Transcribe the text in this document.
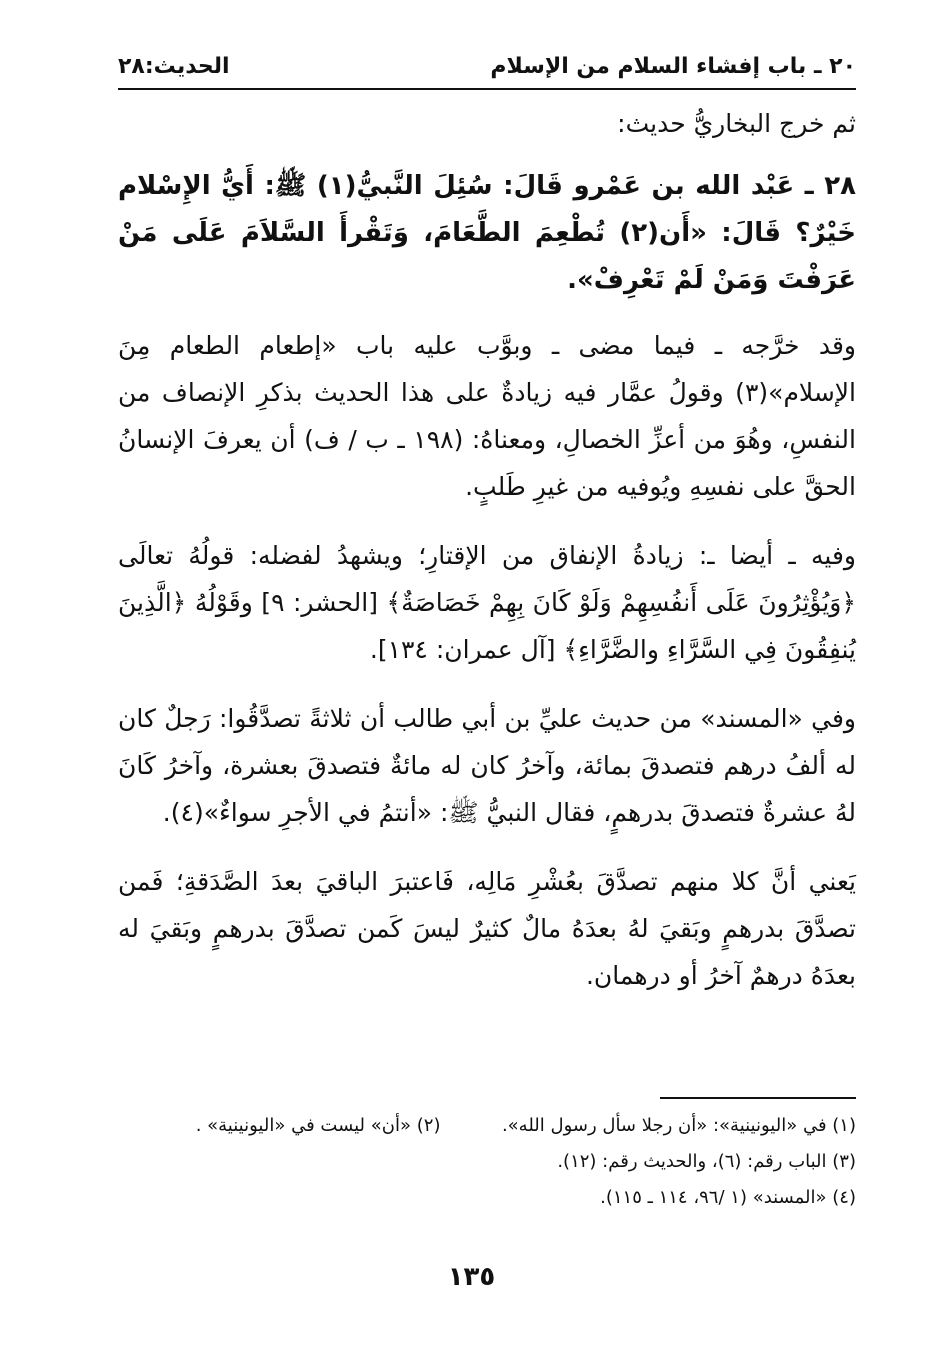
٢٠ ـ باب إفشاء السلام من الإسلام
الحديث:٢٨

ثم خرج البخاريُّ حديث:

٢٨ ـ عَبْد الله بن عَمْرو قَالَ: سُئِلَ النَّبيُّ(١) ﷺ: أَيُّ الإِسْلام خَيْرٌ؟ قَالَ: «أَن(٢) تُطْعِمَ الطَّعَامَ، وَتَقْرأَ السَّلاَمَ عَلَى مَنْ عَرَفْتَ وَمَنْ لَمْ تَعْرِفْ».

وقد خرَّجه ـ فيما مضى ـ وبوَّب عليه باب «إطعام الطعام مِنَ الإسلام»(٣) وقولُ عمَّار فيه زيادةٌ على هذا الحديث بذكرِ الإنصاف من النفسِ، وهُوَ من أعزِّ الخصالِ، ومعناهُ: (١٩٨ ـ ب / ف) أن يعرفَ الإنسانُ الحقَّ على نفسِهِ ويُوفيه من غيرِ طَلبٍ.

وفيه ـ أيضا ـ: زيادةُ الإنفاق من الإقتارِ؛ ويشهدُ لفضله: قولُهُ تعالَى ﴿وَيُؤْثِرُونَ عَلَى أَنفُسِهِمْ وَلَوْ كَانَ بِهِمْ خَصَاصَةٌ﴾ [الحشر: ٩] وقَوْلُهُ ﴿الَّذِينَ يُنفِقُونَ فِي السَّرَّاءِ والضَّرَّاءِ﴾ [آل عمران: ١٣٤].

وفي «المسند» من حديث عليِّ بن أبي طالب أن ثلاثةً تصدَّقُوا: رَجلٌ كان له ألفُ درهم فتصدقَ بمائة، وآخرُ كان له مائةٌ فتصدقَ بعشرة، وآخرُ كَانَ لهُ عشرةٌ فتصدقَ بدرهمٍ، فقال النبيُّ ﷺ: «أنتمُ في الأجرِ سواءٌ»(٤).

يَعني أنَّ كلا منهم تصدَّقَ بعُشْرِ مَالِه، فَاعتبرَ الباقيَ بعدَ الصَّدَقةِ؛ فَمن تصدَّقَ بدرهمٍ وبَقيَ لهُ بعدَهُ مالٌ كثيرٌ ليسَ كَمن تصدَّقَ بدرهمٍ وبَقيَ له بعدَهُ درهمٌ آخرُ أو درهمان.

(١) في «اليونينية»: «أن رجلا سأل رسول الله».  (٢) «أن» ليست في «اليونينية» .
(٣) الباب رقم: (٦)، والحديث رقم: (١٢).
(٤) «المسند» (١ /٩٦، ١١٤ ـ ١١٥).
١٣٥
